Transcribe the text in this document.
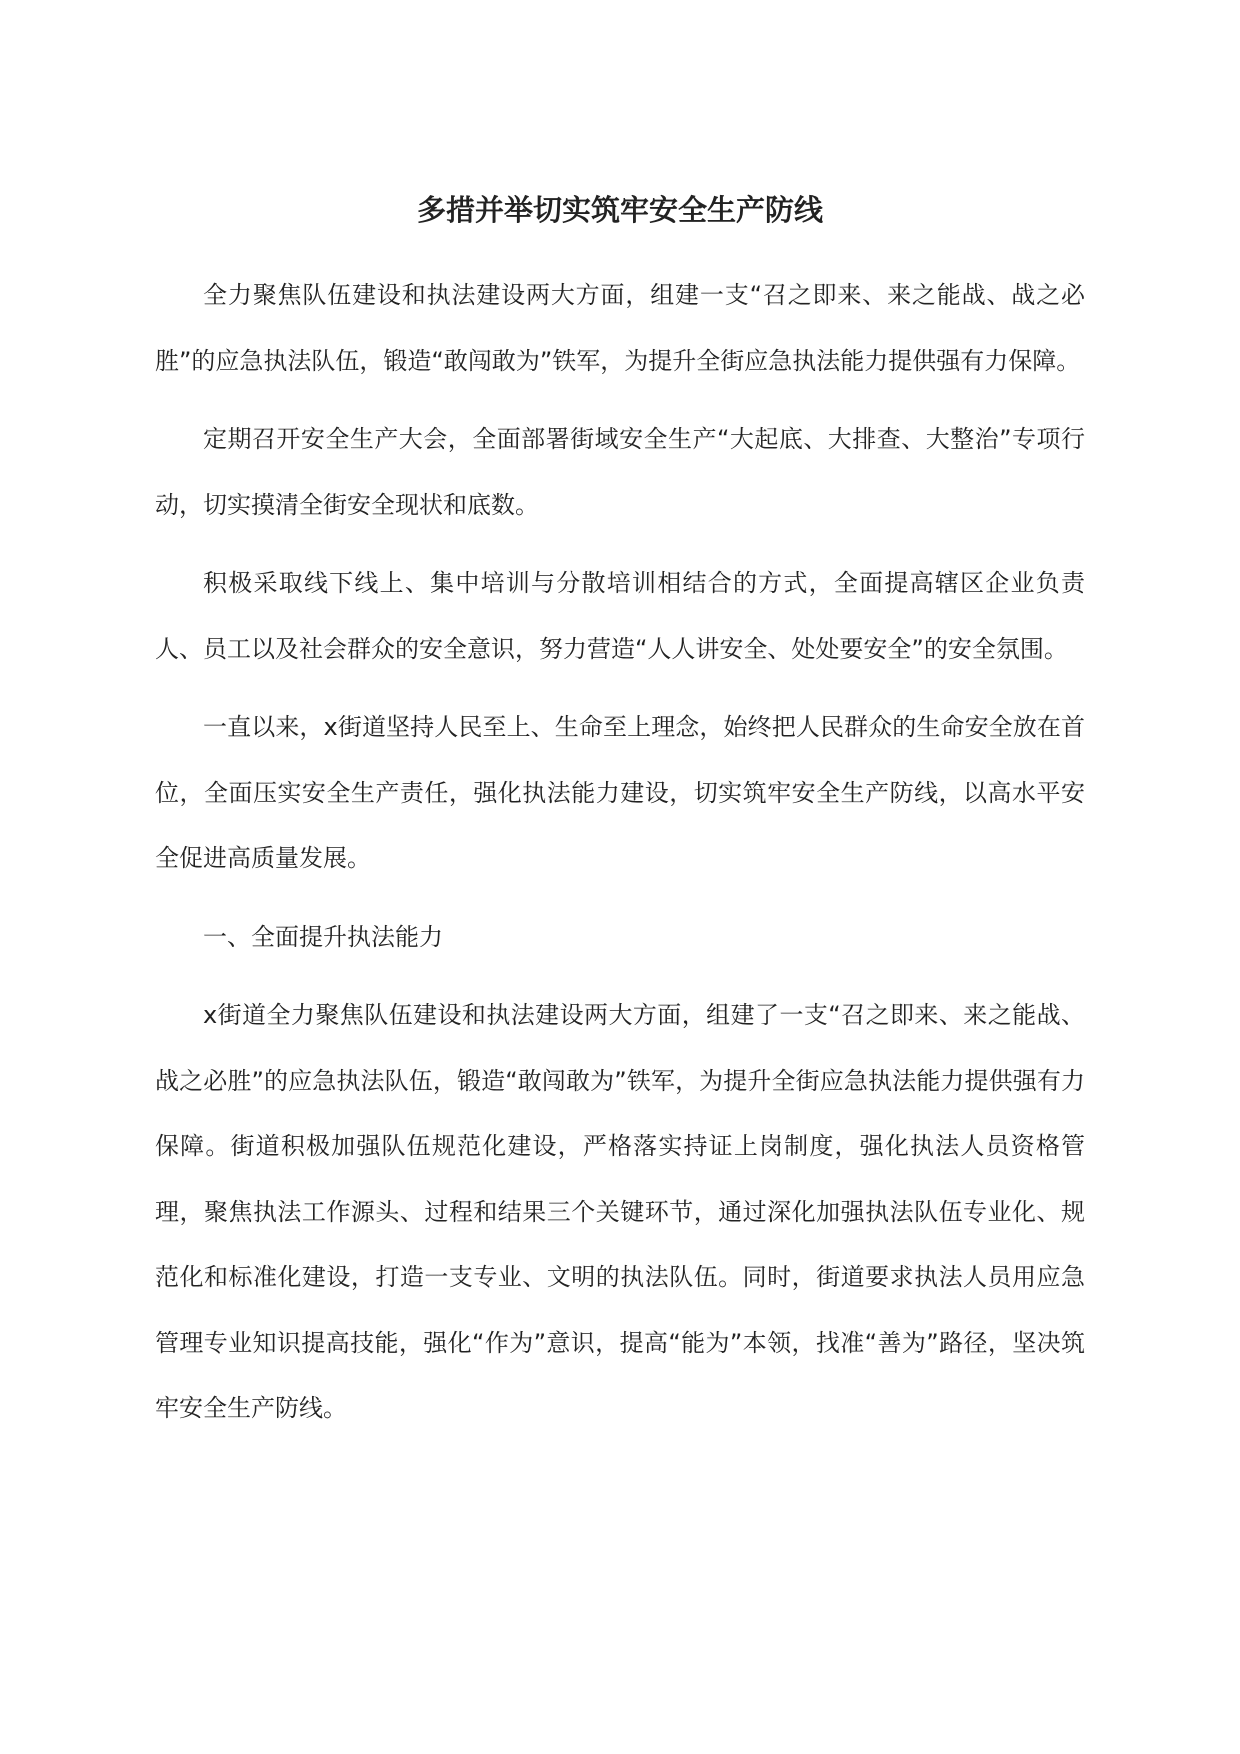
多措并举切实筑牢安全生产防线

全力聚焦队伍建设和执法建设两大方面，组建一支“召之即来、来之能战、战之必胜”的应急执法队伍，锻造“敢闯敢为”铁军，为提升全街应急执法能力提供强有力保障。

定期召开安全生产大会，全面部署街域安全生产“大起底、大排查、大整治”专项行动，切实摸清全街安全现状和底数。

积极采取线下线上、集中培训与分散培训相结合的方式，全面提高辖区企业负责人、员工以及社会群众的安全意识，努力营造“人人讲安全、处处要安全”的安全氛围。

一直以来，x街道坚持人民至上、生命至上理念，始终把人民群众的生命安全放在首位，全面压实安全生产责任，强化执法能力建设，切实筑牢安全生产防线，以高水平安全促进高质量发展。

一、全面提升执法能力

x街道全力聚焦队伍建设和执法建设两大方面，组建了一支“召之即来、来之能战、战之必胜”的应急执法队伍，锻造“敢闯敢为”铁军，为提升全街应急执法能力提供强有力保障。街道积极加强队伍规范化建设，严格落实持证上岗制度，强化执法人员资格管理，聚焦执法工作源头、过程和结果三个关键环节，通过深化加强执法队伍专业化、规范化和标准化建设，打造一支专业、文明的执法队伍。同时，街道要求执法人员用应急管理专业知识提高技能，强化“作为”意识，提高“能为”本领，找准“善为”路径，坚决筑牢安全生产防线。
